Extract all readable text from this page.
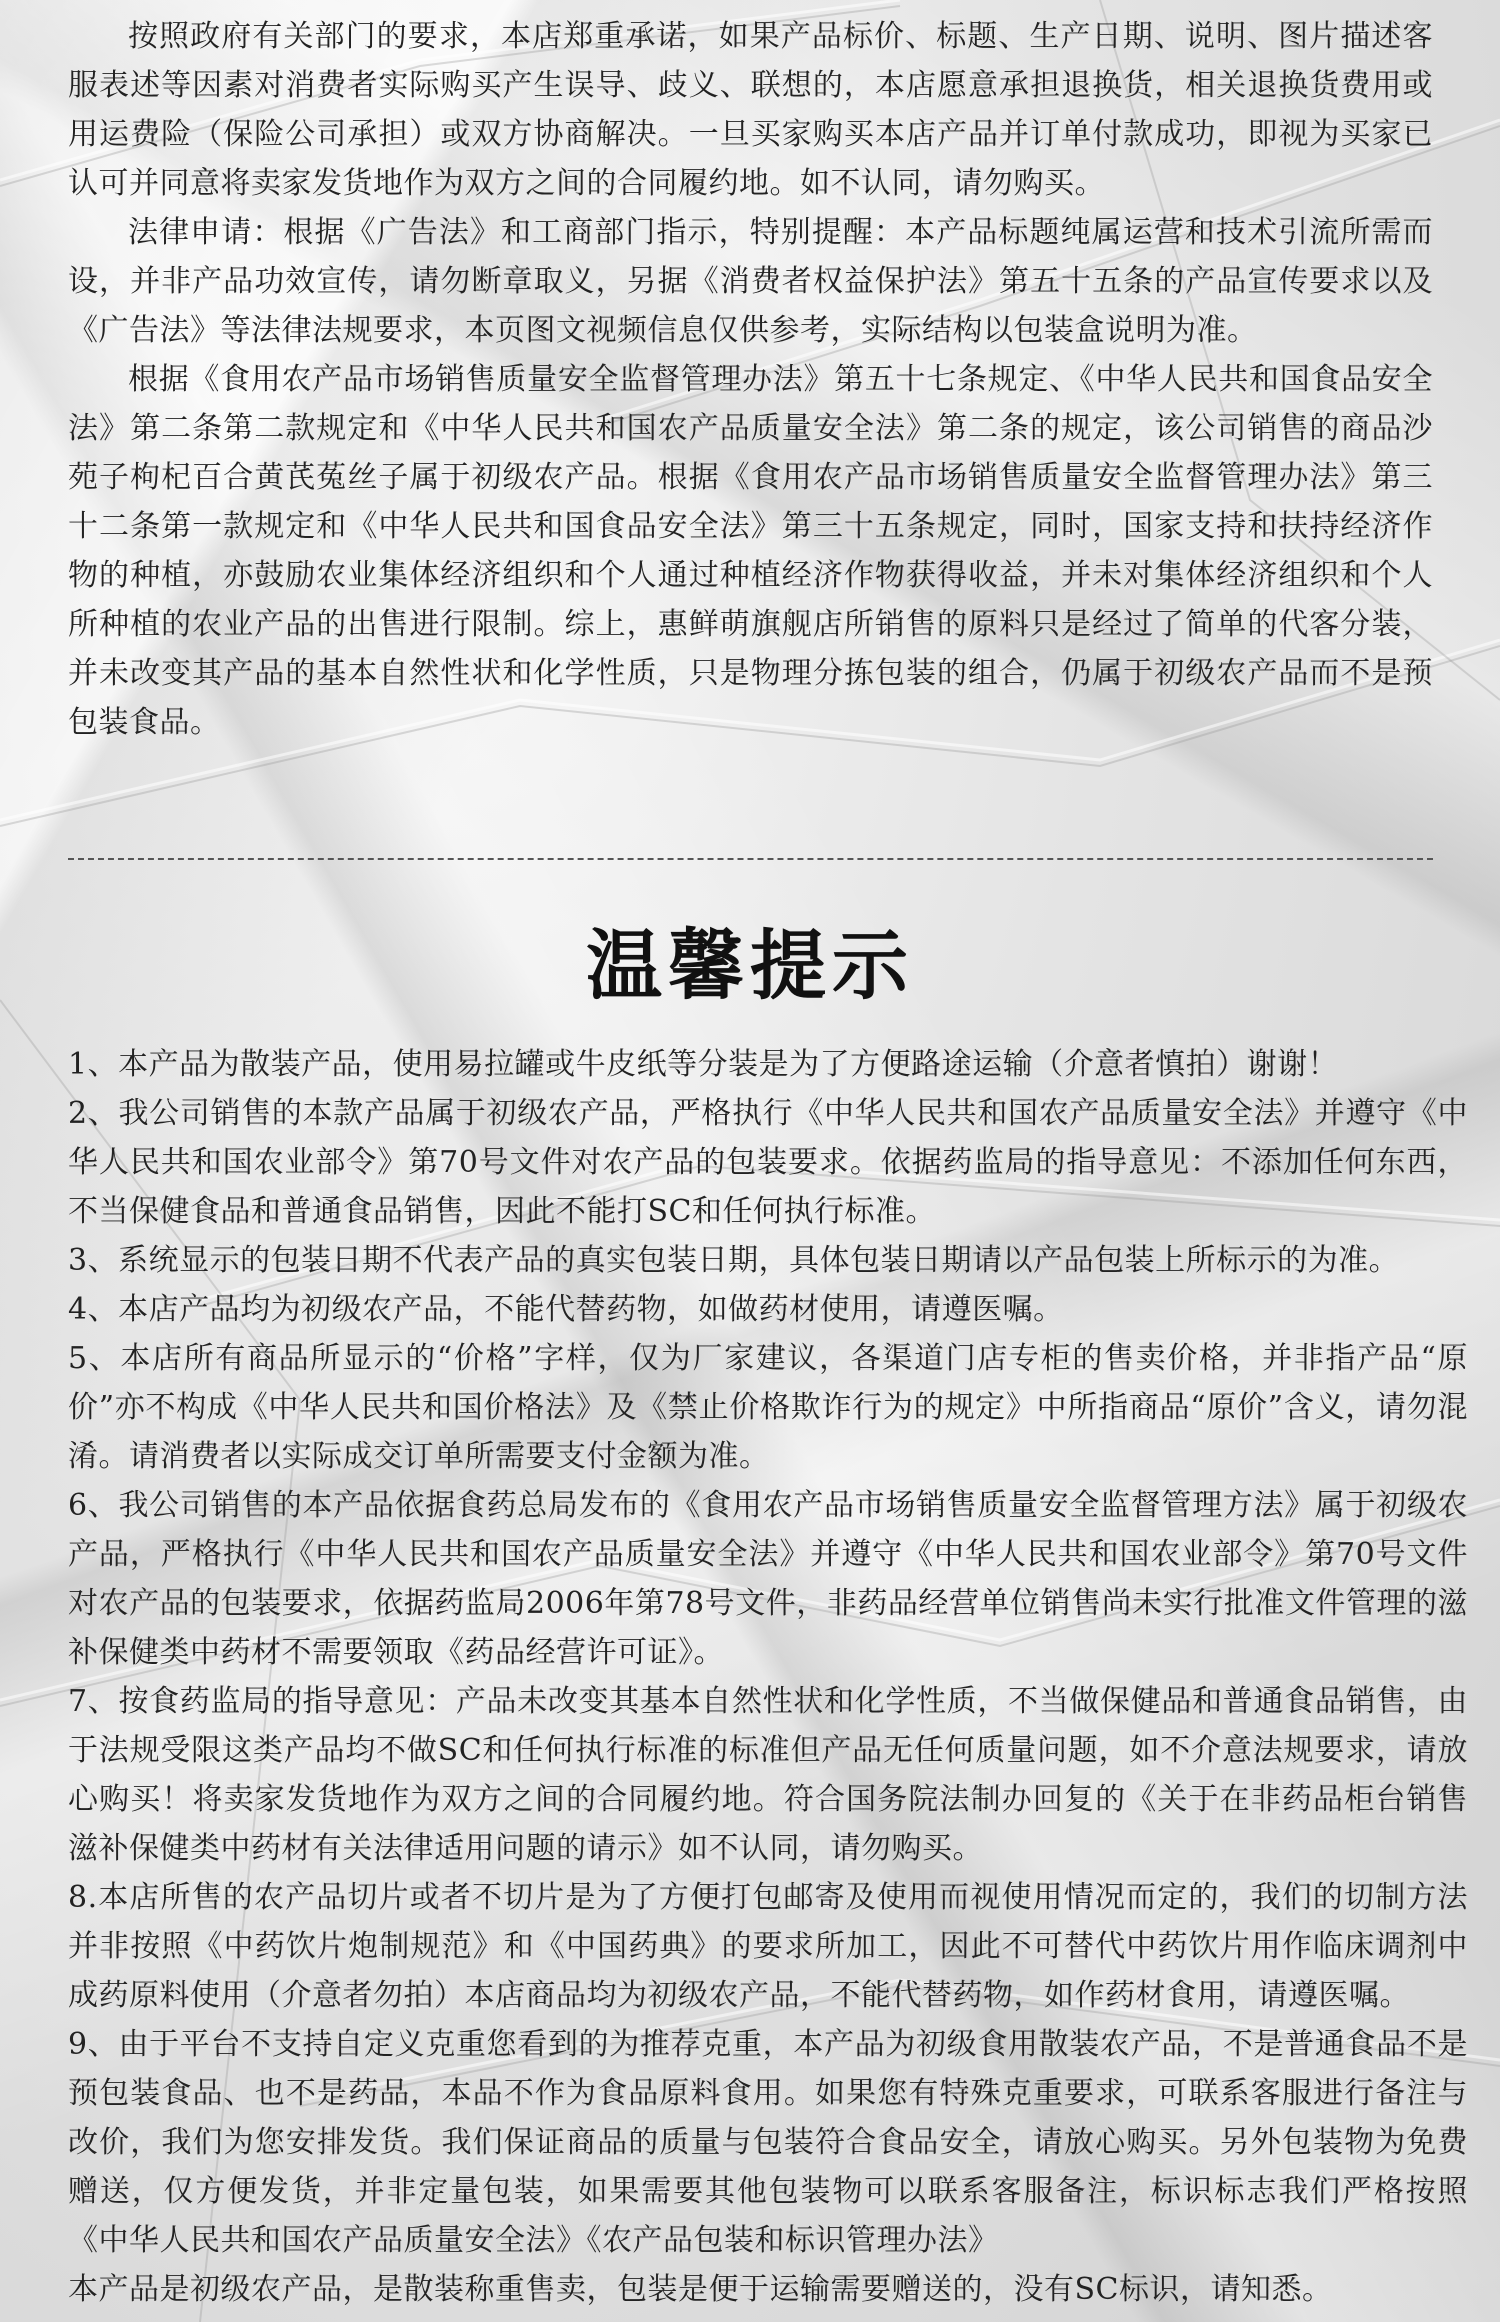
按照政府有关部门的要求，本店郑重承诺，如果产品标价、标题、生产日期、说明、图片描述客服表述等因素对消费者实际购买产生误导、歧义、联想的，本店愿意承担退换货，相关退换货费用或用运费险（保险公司承担）或双方协商解决。一旦买家购买本店产品并订单付款成功，即视为买家已认可并同意将卖家发货地作为双方之间的合同履约地。如不认同，请勿购买。

法律申请：根据《广告法》和工商部门指示，特别提醒：本产品标题纯属运营和技术引流所需而设，并非产品功效宣传，请勿断章取义，另据《消费者权益保护法》第五十五条的产品宣传要求以及《广告法》等法律法规要求，本页图文视频信息仅供参考，实际结构以包装盒说明为准。

根据《食用农产品市场销售质量安全监督管理办法》第五十七条规定、《中华人民共和国食品安全法》第二条第二款规定和《中华人民共和国农产品质量安全法》第二条的规定，该公司销售的商品沙苑子枸杞百合黄芪菟丝子属于初级农产品。根据《食用农产品市场销售质量安全监督管理办法》第三十二条第一款规定和《中华人民共和国食品安全法》第三十五条规定，同时，国家支持和扶持经济作物的种植，亦鼓励农业集体经济组织和个人通过种植经济作物获得收益，并未对集体经济组织和个人所种植的农业产品的出售进行限制。综上，惠鲜萌旗舰店所销售的原料只是经过了简单的代客分装，并未改变其产品的基本自然性状和化学性质，只是物理分拣包装的组合，仍属于初级农产品而不是预包装食品。

温馨提示

1、本产品为散装产品，使用易拉罐或牛皮纸等分装是为了方便路途运输（介意者慎拍）谢谢！

2、我公司销售的本款产品属于初级农产品，严格执行《中华人民共和国农产品质量安全法》并遵守《中华人民共和国农业部令》第70号文件对农产品的包装要求。依据药监局的指导意见：不添加任何东西，不当保健食品和普通食品销售，因此不能打SC和任何执行标准。

3、系统显示的包装日期不代表产品的真实包装日期，具体包装日期请以产品包装上所标示的为准。

4、本店产品均为初级农产品，不能代替药物，如做药材使用，请遵医嘱。

5、本店所有商品所显示的“价格”字样，仅为厂家建议，各渠道门店专柜的售卖价格，并非指产品“原价”亦不构成《中华人民共和国价格法》及《禁止价格欺诈行为的规定》中所指商品“原价”含义，请勿混淆。请消费者以实际成交订单所需要支付金额为准。

6、我公司销售的本产品依据食药总局发布的《食用农产品市场销售质量安全监督管理方法》属于初级农产品，严格执行《中华人民共和国农产品质量安全法》并遵守《中华人民共和国农业部令》第70号文件对农产品的包装要求，依据药监局2006年第78号文件，非药品经营单位销售尚未实行批准文件管理的滋补保健类中药材不需要领取《药品经营许可证》。

7、按食药监局的指导意见：产品未改变其基本自然性状和化学性质，不当做保健品和普通食品销售，由于法规受限这类产品均不做SC和任何执行标准的标准但产品无任何质量问题，如不介意法规要求，请放心购买！将卖家发货地作为双方之间的合同履约地。符合国务院法制办回复的《关于在非药品柜台销售滋补保健类中药材有关法律适用问题的请示》如不认同，请勿购买。

8.本店所售的农产品切片或者不切片是为了方便打包邮寄及使用而视使用情况而定的，我们的切制方法并非按照《中药饮片炮制规范》和《中国药典》的要求所加工，因此不可替代中药饮片用作临床调剂中成药原料使用（介意者勿拍）本店商品均为初级农产品，不能代替药物，如作药材食用，请遵医嘱。

9、由于平台不支持自定义克重您看到的为推荐克重，本产品为初级食用散装农产品，不是普通食品不是预包装食品、也不是药品，本品不作为食品原料食用。如果您有特殊克重要求，可联系客服进行备注与改价，我们为您安排发货。我们保证商品的质量与包装符合食品安全，请放心购买。另外包装物为免费赠送，仅方便发货，并非定量包装，如果需要其他包装物可以联系客服备注，标识标志我们严格按照《中华人民共和国农产品质量安全法》《农产品包装和标识管理办法》

本产品是初级农产品，是散装称重售卖，包装是便于运输需要赠送的，没有SC标识，请知悉。
